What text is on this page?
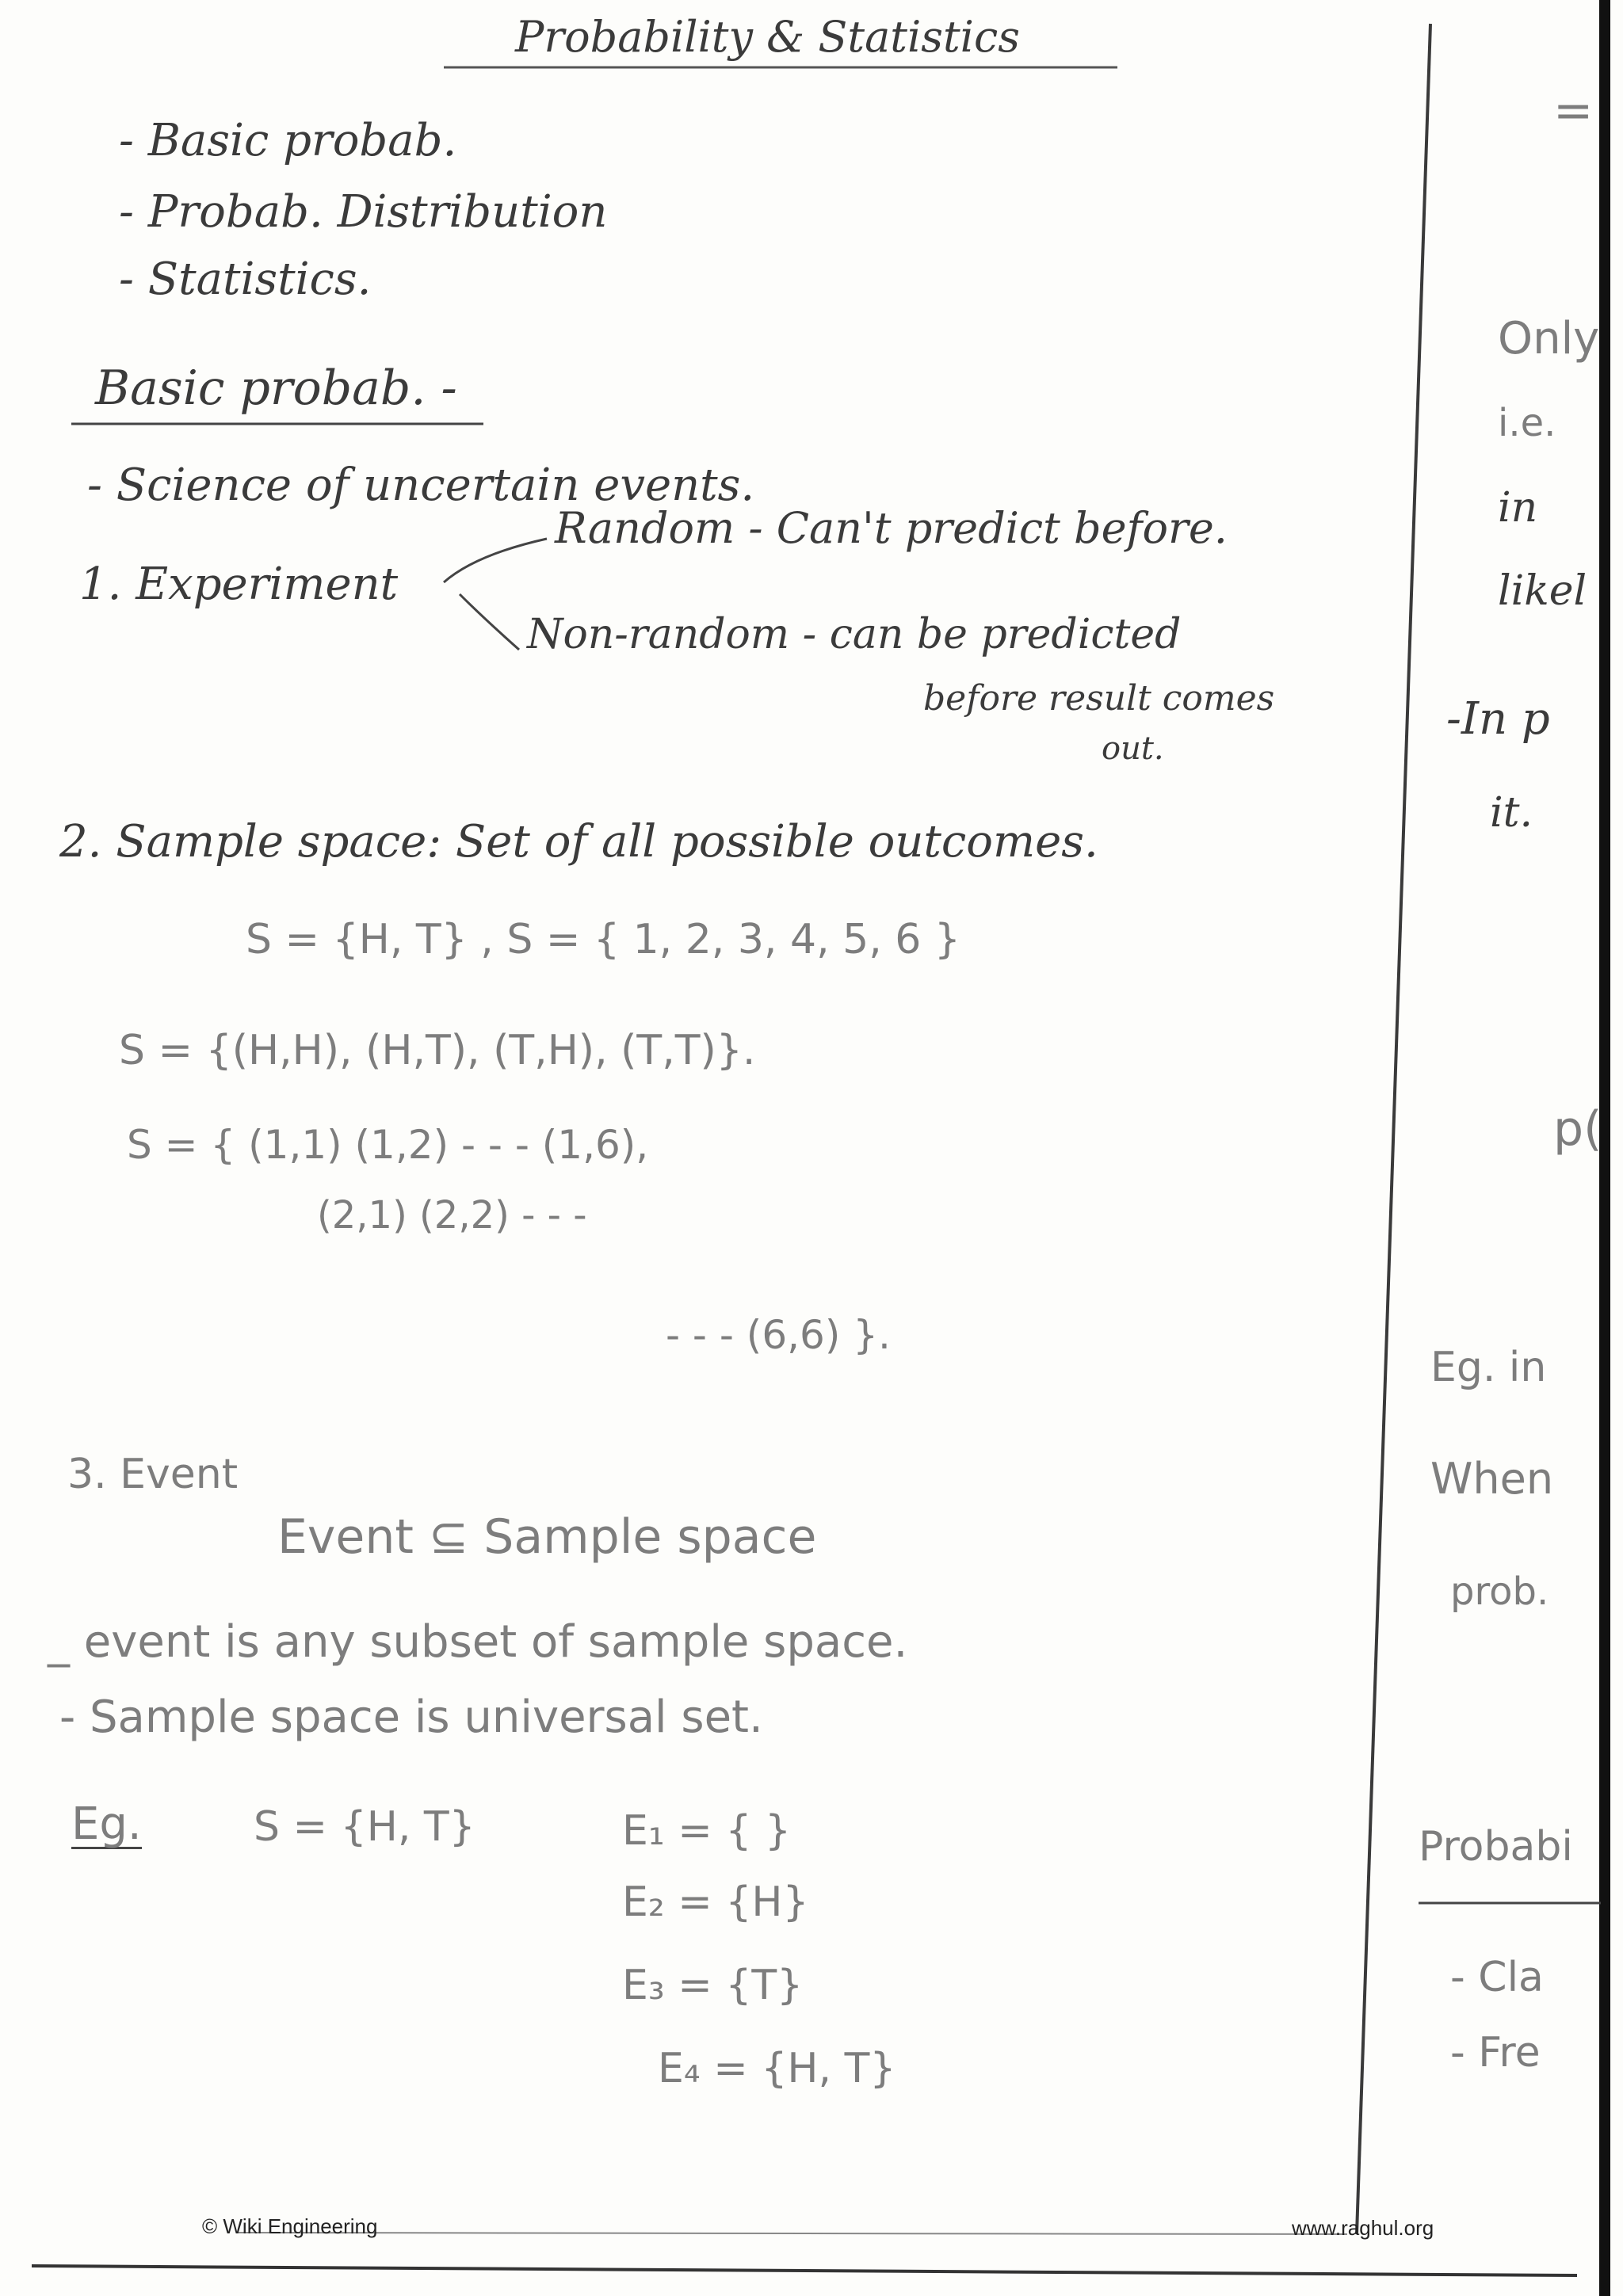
Probability & Statistics
- Basic probab.
- Probab. Distribution
- Statistics.
Basic probab. -
- Science of uncertain events.
1. Experiment
Random - Can't predict before.
Non-random - can be predicted
before result comes
out.
2. Sample space: Set of all possible outcomes.
S = {H, T} , S = { 1, 2, 3, 4, 5, 6 }
S = {(H,H), (H,T), (T,H), (T,T)}.
S = { (1,1) (1,2) - - - (1,6),
(2,1) (2,2) - - -
- - - (6,6) }.
3. Event
Event ⊆ Sample space
_ event is any subset of sample space.
- Sample space is universal set.
Eg.	S = {H, T}	E₁ = { }
E₂ = {H}
E₃ = {T}
E₄ = {H, T}
=
Only
i.e.
in
likel
-In p
it.
p(
Eg. in
When
prob.
Probabi
- Cla
- Fre
© Wiki Engineering	www.raghul.org
